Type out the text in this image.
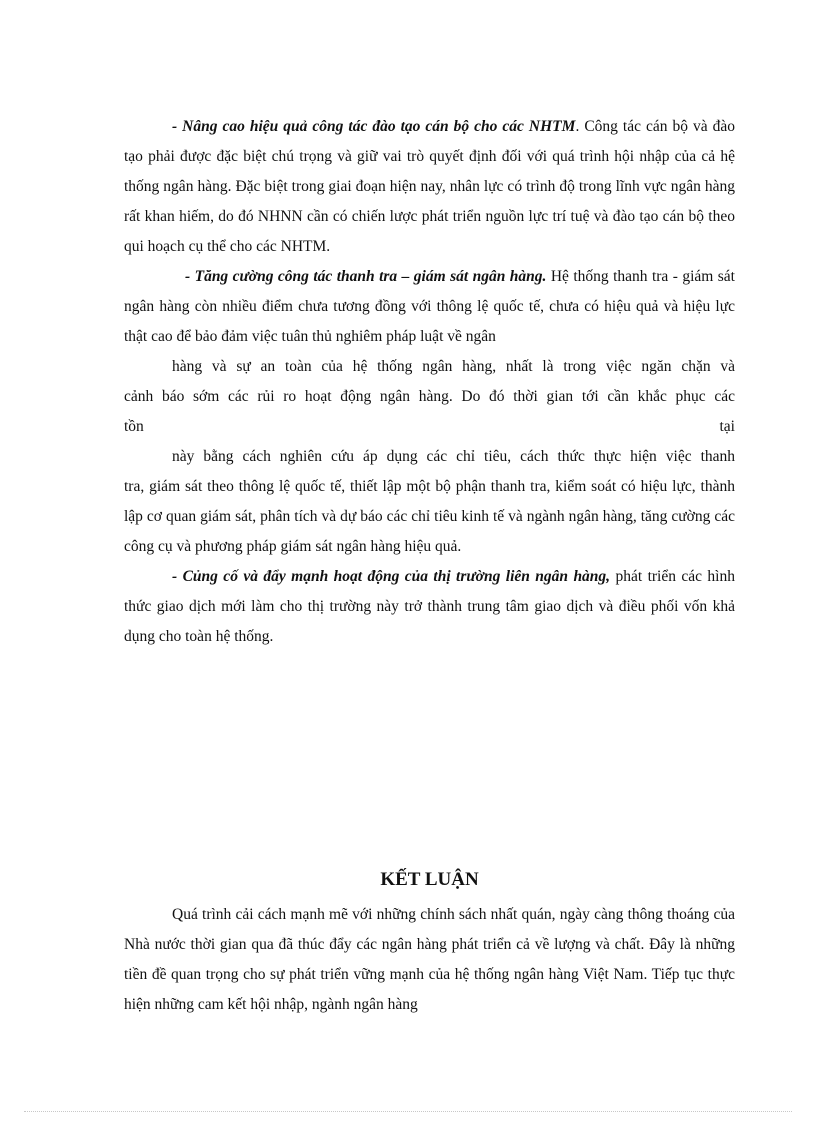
- Nâng cao hiệu quả công tác đào tạo cán bộ cho các NHTM. Công tác cán bộ và đào tạo phải được đặc biệt chú trọng và giữ vai trò quyết định đối với quá trình hội nhập của cả hệ thống ngân hàng. Đặc biệt trong giai đoạn hiện nay, nhân lực có trình độ trong lĩnh vực ngân hàng rất khan hiếm, do đó NHNN cần có chiến lược phát triển nguồn lực trí tuệ và đào tạo cán bộ theo qui hoạch cụ thể cho các NHTM.

- Tăng cường công tác thanh tra – giám sát ngân hàng. Hệ thống thanh tra - giám sát ngân hàng còn nhiều điểm chưa tương đồng với thông lệ quốc tế, chưa có hiệu quả và hiệu lực thật cao để bảo đảm việc tuân thủ nghiêm pháp luật về ngân

hàng và sự an toàn của hệ thống ngân hàng, nhất là trong việc ngăn chặn và
cảnh báo sớm các rủi ro hoạt động ngân hàng. Do đó thời gian tới cần khắc phục các
tồn tại
này bằng cách nghiên cứu áp dụng các chỉ tiêu, cách thức thực hiện việc thanh

tra, giám sát theo thông lệ quốc tế, thiết lập một bộ phận thanh tra, kiểm soát có hiệu lực, thành lập cơ quan giám sát, phân tích và dự báo các chỉ tiêu kinh tế và ngành ngân hàng, tăng cường các công cụ và phương pháp giám sát ngân hàng hiệu quả.

- Củng cố và đẩy mạnh hoạt động của thị trường liên ngân hàng, phát triển các hình thức giao dịch mới làm cho thị trường này trở thành trung tâm giao dịch và điều phối vốn khả dụng cho toàn hệ thống.

KẾT LUẬN

Quá trình cải cách mạnh mẽ với những chính sách nhất quán, ngày càng thông thoáng của Nhà nước thời gian qua đã thúc đẩy các ngân hàng phát triển cả về lượng và chất. Đây là những tiền đề quan trọng cho sự phát triển vững mạnh của hệ thống ngân hàng Việt Nam. Tiếp tục thực hiện những cam kết hội nhập, ngành ngân hàng
